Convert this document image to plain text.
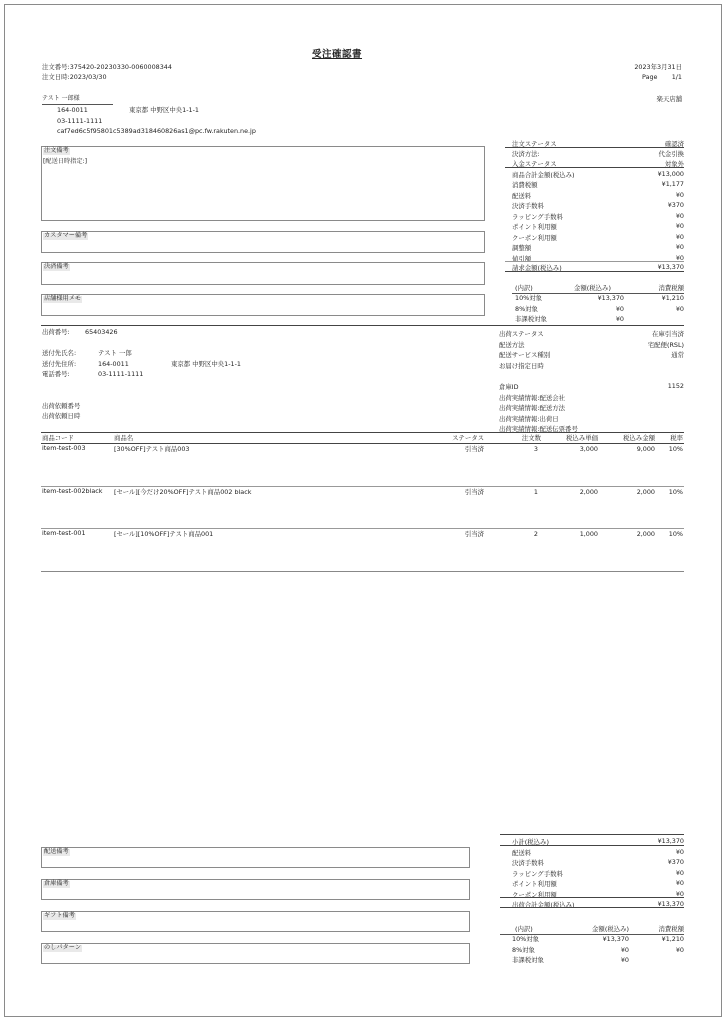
受注確認書
注文番号:375420-20230330-0060008344
注文日時:2023/03/30
2023年3月31日
Page 1/1
楽天店舗
テスト 一郎様
164-0011	東京都 中野区中央1-1-1
03-1111-1111
caf7ed6c5f95801c5389ad318460826as1@pc.fw.rakuten.ne.jp
注文備考
[配送日時指定:]
カスタマー備考
決済備考
店舗様用メモ
注文ステータス	確認済
決済方法:	代金引換
入金ステータス	対象外
商品合計金額(税込み)	¥13,000
消費税額	¥1,177
配送料	¥0
決済手数料	¥370
ラッピング手数料	¥0
ポイント利用額	¥0
クーポン利用額	¥0
調整額	¥0
値引額	¥0
請求金額(税込み)	¥13,370
(内訳)	金額(税込み)	消費税額
10%対象	¥13,370	¥1,210
8%対象	¥0	¥0
非課税対象	¥0
出荷番号: 65403426
送付先氏名:	テスト 一郎
送付先住所:	164-0011	東京都 中野区中央1-1-1
電話番号:	03-1111-1111
出荷依頼番号
出荷依頼日時
出荷ステータス	在庫引当済
配送方法	宅配便(RSL)
配送サービス種別	通常
お届け指定日時
倉庫ID	1152
出荷実績情報:配送会社
出荷実績情報:配送方法
出荷実績情報:出荷日
出荷実績情報:配送伝票番号
商品コード	商品名	ステータス	注文数	税込み単価	税込み金額 税率
item-test-003	[30%OFF]テスト商品003	引当済	3	3,000	9,000 10%
item-test-002black [セール][今だけ20%OFF]テスト商品002 black	引当済	1	2,000	2,000 10%
item-test-001	[セール][10%OFF]テスト商品001	引当済	2	1,000	2,000 10%
配送備考
倉庫備考
ギフト備考
のしパターン
小計(税込み)	¥13,370
配送料	¥0
決済手数料	¥370
ラッピング手数料	¥0
ポイント利用額	¥0
クーポン利用額	¥0
出荷合計金額(税込み)	¥13,370
(内訳)	金額(税込み)	消費税額
10%対象	¥13,370	¥1,210
8%対象	¥0	¥0
非課税対象	¥0
